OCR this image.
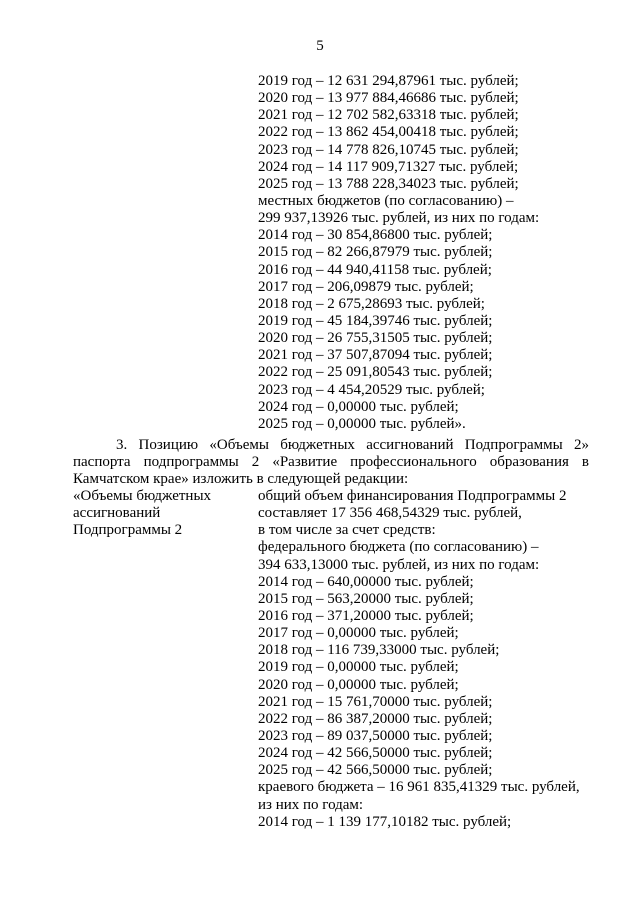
5
2019 год – 12 631 294,87961 тыс. рублей;
2020 год – 13 977 884,46686 тыс. рублей;
2021 год – 12 702 582,63318 тыс. рублей;
2022 год – 13 862 454,00418 тыс. рублей;
2023 год – 14 778 826,10745 тыс. рублей;
2024 год – 14 117 909,71327 тыс. рублей;
2025 год – 13 788 228,34023 тыс. рублей;
местных бюджетов (по согласованию) –
299 937,13926 тыс. рублей, из них по годам:
2014 год – 30 854,86800 тыс. рублей;
2015 год – 82 266,87979 тыс. рублей;
2016 год – 44 940,41158 тыс. рублей;
2017 год – 206,09879 тыс. рублей;
2018 год – 2 675,28693 тыс. рублей;
2019 год – 45 184,39746 тыс. рублей;
2020 год – 26 755,31505 тыс. рублей;
2021 год – 37 507,87094 тыс. рублей;
2022 год – 25 091,80543 тыс. рублей;
2023 год – 4 454,20529 тыс. рублей;
2024 год – 0,00000 тыс. рублей;
2025 год – 0,00000 тыс. рублей».
3. Позицию «Объемы бюджетных ассигнований Подпрограммы 2»
паспорта подпрограммы 2 «Развитие профессионального образования в
Камчатском крае» изложить в следующей редакции:
«Объемы бюджетных
ассигнований
Подпрограммы 2
общий объем финансирования Подпрограммы 2
составляет 17 356 468,54329 тыс. рублей,
в том числе за счет средств:
федерального бюджета (по согласованию) –
394 633,13000 тыс. рублей, из них по годам:
2014 год – 640,00000 тыс. рублей;
2015 год – 563,20000 тыс. рублей;
2016 год – 371,20000 тыс. рублей;
2017 год – 0,00000 тыс. рублей;
2018 год – 116 739,33000 тыс. рублей;
2019 год – 0,00000 тыс. рублей;
2020 год – 0,00000 тыс. рублей;
2021 год – 15 761,70000 тыс. рублей;
2022 год – 86 387,20000 тыс. рублей;
2023 год – 89 037,50000 тыс. рублей;
2024 год – 42 566,50000 тыс. рублей;
2025 год – 42 566,50000 тыс. рублей;
краевого бюджета – 16 961 835,41329 тыс. рублей,
из них по годам:
2014 год – 1 139 177,10182 тыс. рублей;
